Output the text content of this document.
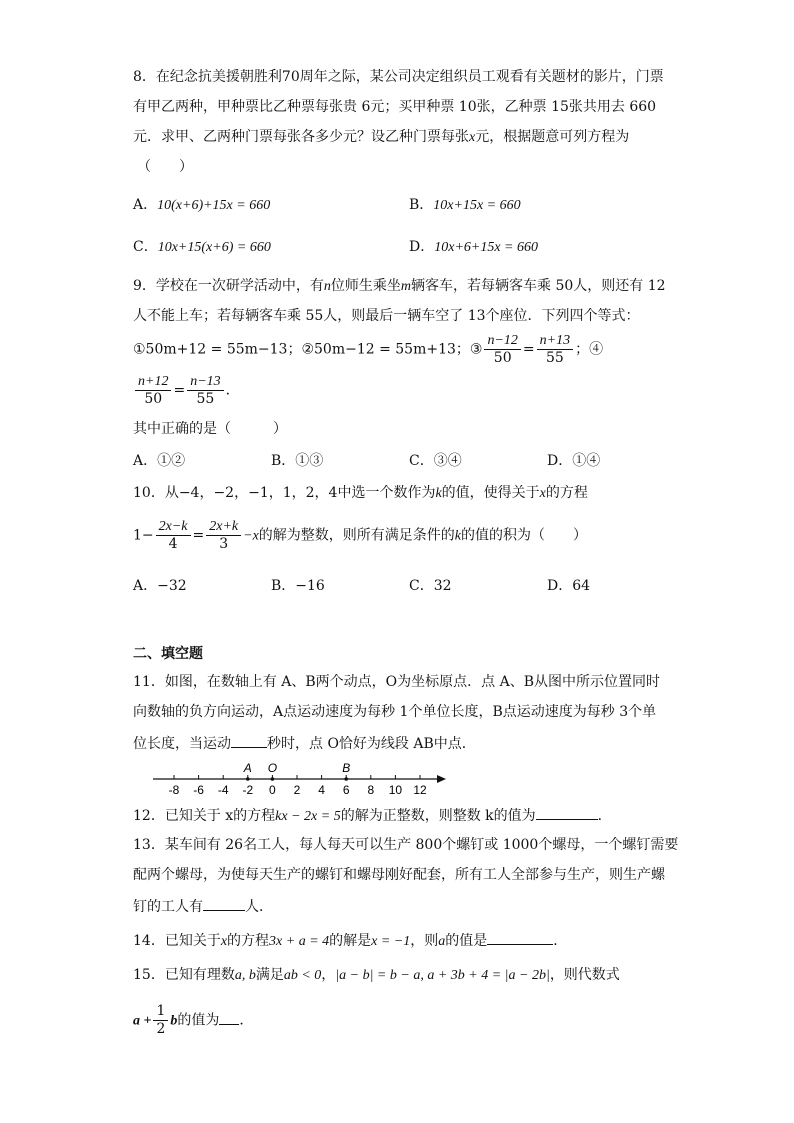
8．在纪念抗美援朝胜利70周年之际，某公司决定组织员工观看有关题材的影片，门票
有甲乙两种，甲种票比乙种票每张贵 6元；买甲种票 10张，乙种票 15张共用去 660
元．求甲、乙两种门票每张各多少元？设乙种门票每张x元，根据题意可列方程为
（　　）
A．10(x+6)+15x = 660	B．10x+15x = 660
C．10x+15(x+6) = 660	D．10x+6+15x = 660
9．学校在一次研学活动中，有n位师生乘坐m辆客车，若每辆客车乘 50人，则还有 12
人不能上车；若每辆客车乘 55人，则最后一辆车空了 13个座位．下列四个等式：
①50m+12 = 55m−13；②50m−12 = 55m+13；③ $\frac{n-12}{50} = \frac{n+13}{55}$ ；④
$\frac{n+12}{50} = \frac{n-13}{55}$ ．
其中正确的是（　　　）
A．①②	B．①③	C．③④	D．①④
10．从−4，−2，−1，1，2，4中选一个数作为k的值，使得关于x的方程
$1- \frac{2x-k}{4} = \frac{2x+k}{3} -x$的解为整数，则所有满足条件的k的值的积为（　　）
A．−32	B．−16	C．32	D．64
二、填空题
11．如图，在数轴上有 A、B两个动点，O为坐标原点．点 A、B从图中所示位置同时
向数轴的负方向运动，A点运动速度为每秒 1个单位长度，B点运动速度为每秒 3个单
位长度，当运动	秒时，点 O恰好为线段 AB中点．
-8 -6 -4 -2 0 2 4 6 8 10 12
A O	B
12．已知关于 x的方程kx − 2x = 5的解为正整数，则整数 k的值为	．
13．某车间有 26名工人，每人每天可以生产 800个螺钉或 1000个螺母，一个螺钉需要
配两个螺母，为使每天生产的螺钉和螺母刚好配套，所有工人全部参与生产，则生产螺
钉的工人有	人．
14．已知关于x的方程3x + a = 4的解是x = −1，则a的值是	．
15．已知有理数a, b满足ab < 0，|a − b| = b − a, a + 3b + 4 = |a − 2b|，则代数式
$a + \frac{1}{2}$ b的值为 ．
